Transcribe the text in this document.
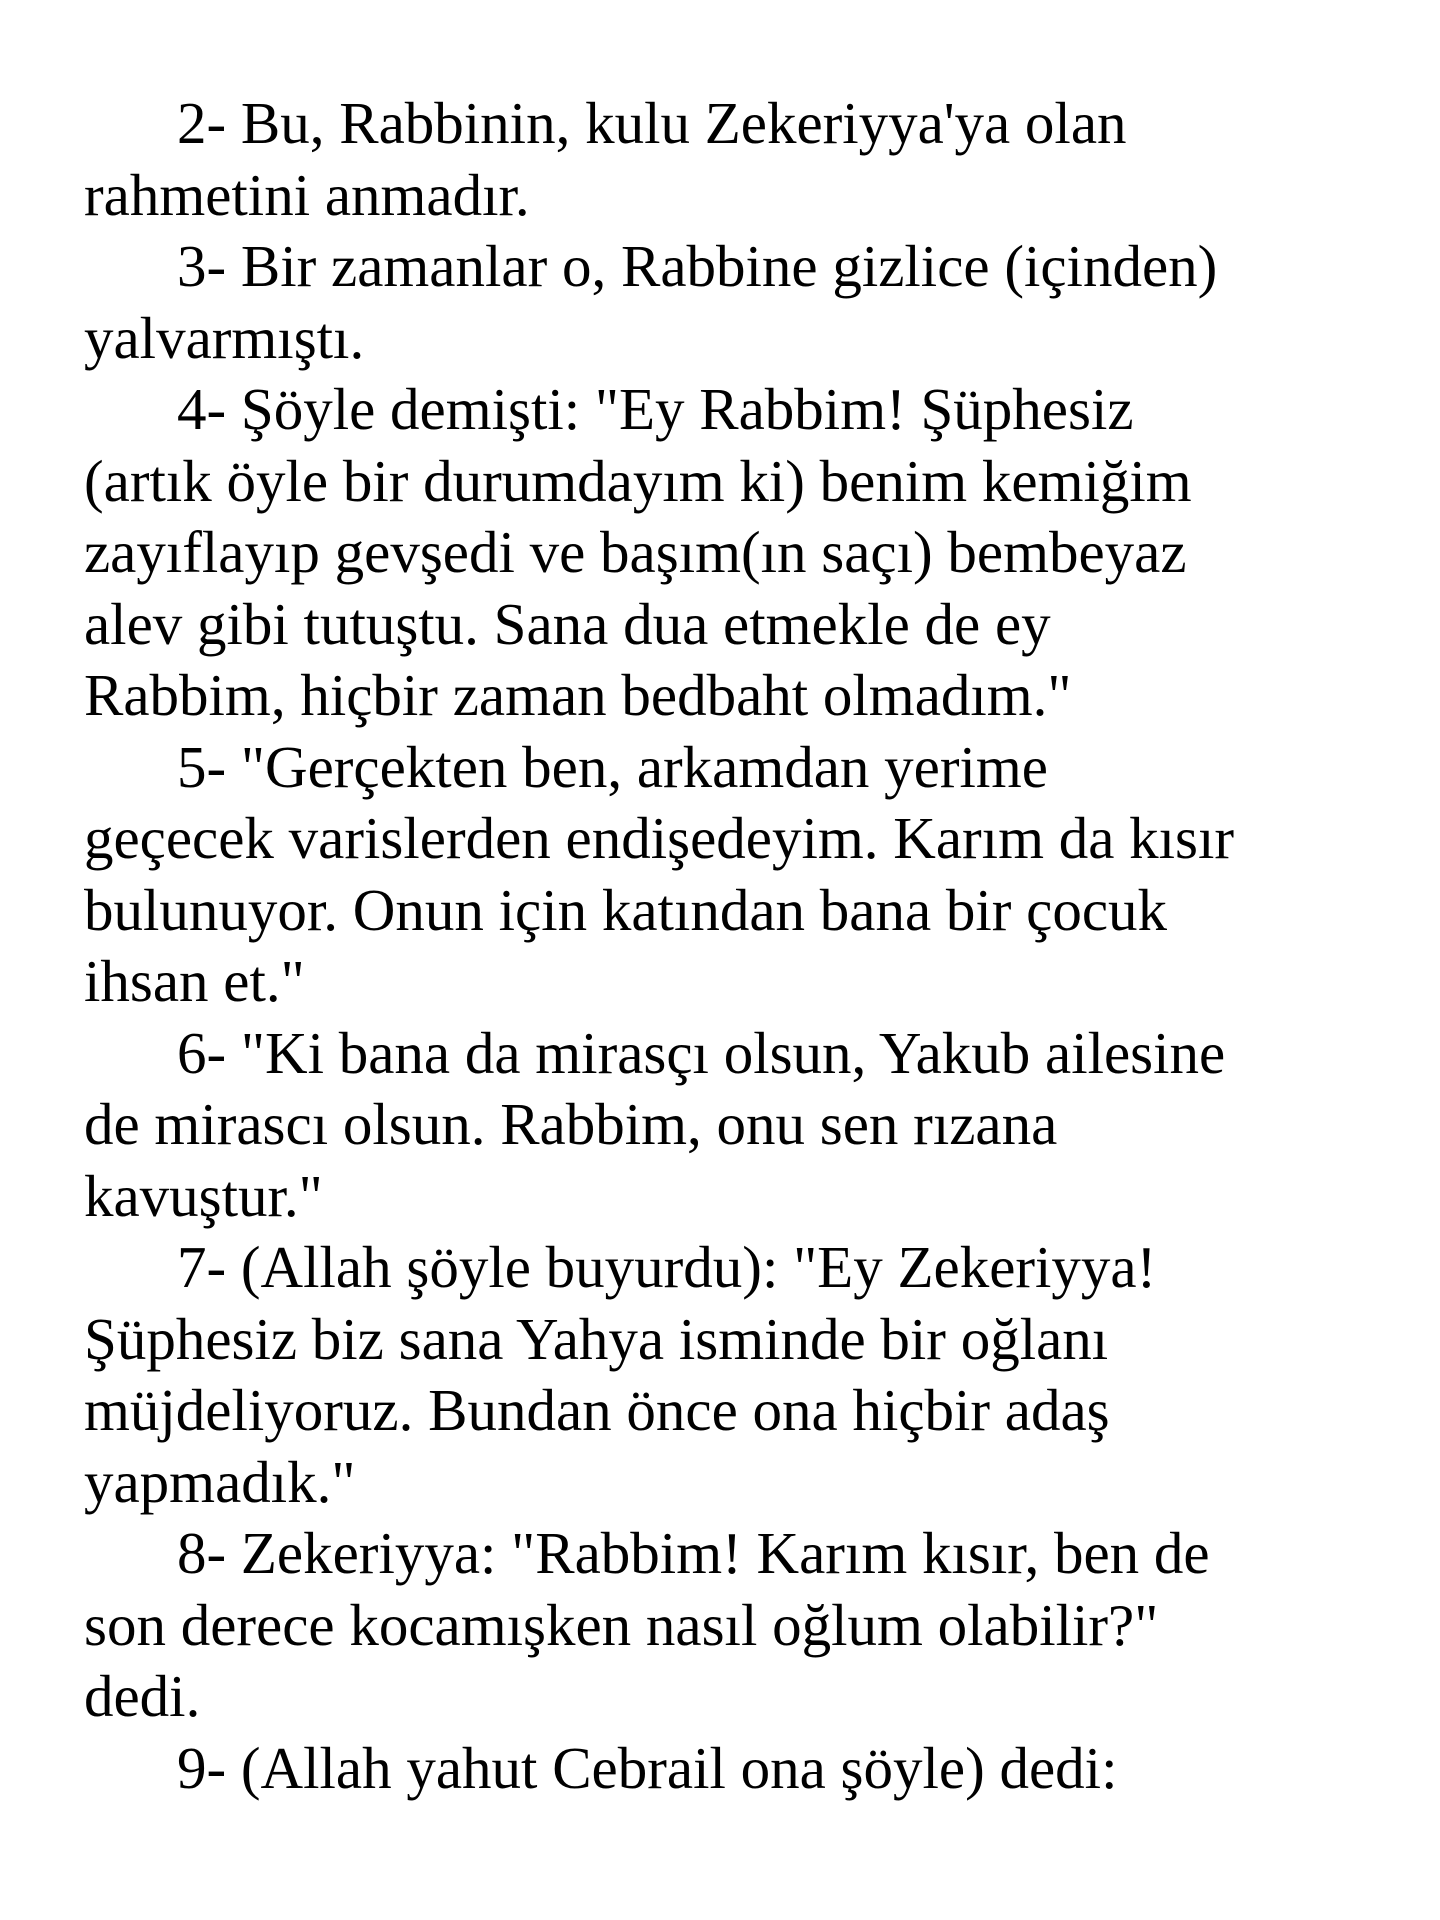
2- Bu, Rabbinin, kulu Zekeriyya'ya olan
rahmetini anmadır.

3- Bir zamanlar o, Rabbine gizlice (içinden)
yalvarmıştı.

4- Şöyle demişti: "Ey Rabbim! Şüphesiz
(artık öyle bir durumdayım ki) benim kemiğim
zayıflayıp gevşedi ve başım(ın saçı) bembeyaz
alev gibi tutuştu. Sana dua etmekle de ey
Rabbim, hiçbir zaman bedbaht olmadım."

5- "Gerçekten ben, arkamdan yerime
geçecek varislerden endişedeyim. Karım da kısır
bulunuyor. Onun için katından bana bir çocuk
ihsan et."

6- "Ki bana da mirasçı olsun, Yakub ailesine
de mirascı olsun. Rabbim, onu sen rızana
kavuştur."

7- (Allah şöyle buyurdu): "Ey Zekeriyya!
Şüphesiz biz sana Yahya isminde bir oğlanı
müjdeliyoruz. Bundan önce ona hiçbir adaş
yapmadık."

8- Zekeriyya: "Rabbim! Karım kısır, ben de
son derece kocamışken nasıl oğlum olabilir?"
dedi.

9- (Allah yahut Cebrail ona şöyle) dedi:
